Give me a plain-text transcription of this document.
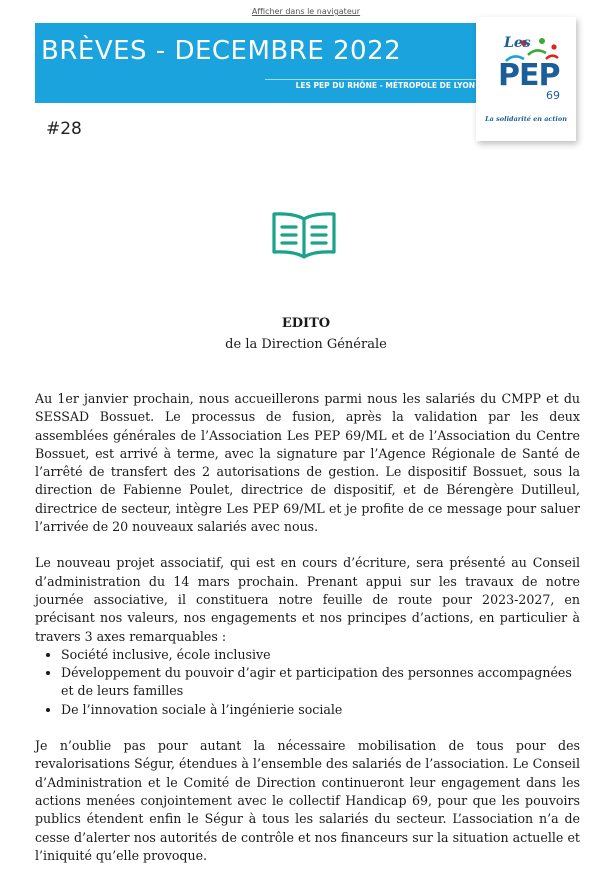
Afficher dans le navigateur
BRÈVES - DECEMBRE 2022
LES PEP DU RHÔNE - MÉTROPOLE DE LYON
Les
PEP
69
La solidarité en action
#28
EDITO
de la Direction Générale

Au 1er janvier prochain, nous accueillerons parmi nous les salariés du CMPP et du SESSAD Bossuet. Le processus de fusion, après la validation par les deux assemblées générales de l’Association Les PEP 69/ML et de l’Association du Centre Bossuet, est arrivé à terme, avec la signature par l’Agence Régionale de Santé de l’arrêté de transfert des 2 autorisations de gestion. Le dispositif Bossuet, sous la direction de Fabienne Poulet, directrice de dispositif, et de Bérengère Dutilleul, directrice de secteur, intègre Les PEP 69/ML et je profite de ce message pour saluer l’arrivée de 20 nouveaux salariés avec nous.

Le nouveau projet associatif, qui est en cours d’écriture, sera présenté au Conseil d’administration du 14 mars prochain. Prenant appui sur les travaux de notre journée associative, il constituera notre feuille de route pour 2023-2027, en précisant nos valeurs, nos engagements et nos principes d’actions, en particulier à travers 3 axes remarquables :

• Société inclusive, école inclusive
• Développement du pouvoir d’agir et participation des personnes accompagnées et de leurs familles
• De l’innovation sociale à l’ingénierie sociale

Je n’oublie pas pour autant la nécessaire mobilisation de tous pour des revalorisations Ségur, étendues à l’ensemble des salariés de l’association. Le Conseil d’Administration et le Comité de Direction continueront leur engagement dans les actions menées conjointement avec le collectif Handicap 69, pour que les pouvoirs publics étendent enfin le Ségur à tous les salariés du secteur. L’association n’a de cesse d’alerter nos autorités de contrôle et nos financeurs sur la situation actuelle et l’iniquité qu’elle provoque.
